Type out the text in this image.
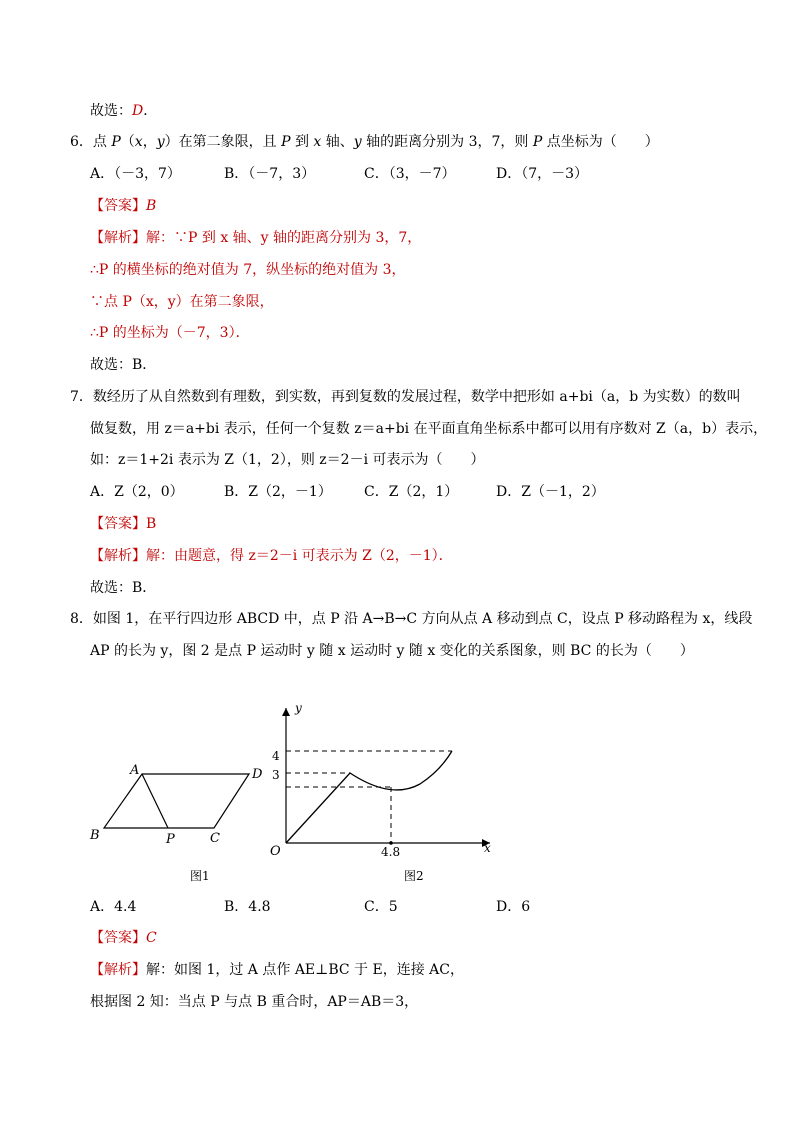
故选：D．
6．点 P（x，y）在第二象限，且 P 到 x 轴、y 轴的距离分别为 3，7，则 P 点坐标为（　　）
A．（－3，7）	B．（－7，3）	C．（3，－7）	D．（7，－3）
【答案】B
【解析】解：∵P 到 x 轴、y 轴的距离分别为 3，7，
∴P 的横坐标的绝对值为 7，纵坐标的绝对值为 3，
∵点 P（x，y）在第二象限，
∴P 的坐标为（－7，3）．
故选：B．
7．数经历了从自然数到有理数，到实数，再到复数的发展过程，数学中把形如 a+bi（a，b 为实数）的数叫
做复数，用 z＝a+bi 表示，任何一个复数 z＝a+bi 在平面直角坐标系中都可以用有序数对 Z（a，b）表示，
如：z＝1+2i 表示为 Z（1，2），则 z＝2－i 可表示为（　　）
A．Z（2，0）	B．Z（2，－1） C．Z（2，1）	D．Z（－1，2）
【答案】B
【解析】解：由题意，得 z＝2－i 可表示为 Z（2，－1）．
故选：B．
8．如图 1，在平行四边形 ABCD 中，点 P 沿 A→B→C 方向从点 A 移动到点 C，设点 P 移动路程为 x，线段
AP 的长为 y，图 2 是点 P 运动时 y 随 x 运动时 y 随 x 变化的关系图象，则 BC 的长为（　　）
A	D
B	P	C
图1
y
x
O
4
3
4.8
图2
A．4.4	B．4.8	C．5	D．6
【答案】C
【解析】解：如图 1，过 A 点作 AE⊥BC 于 E，连接 AC，
根据图 2 知：当点 P 与点 B 重合时，AP＝AB＝3，
